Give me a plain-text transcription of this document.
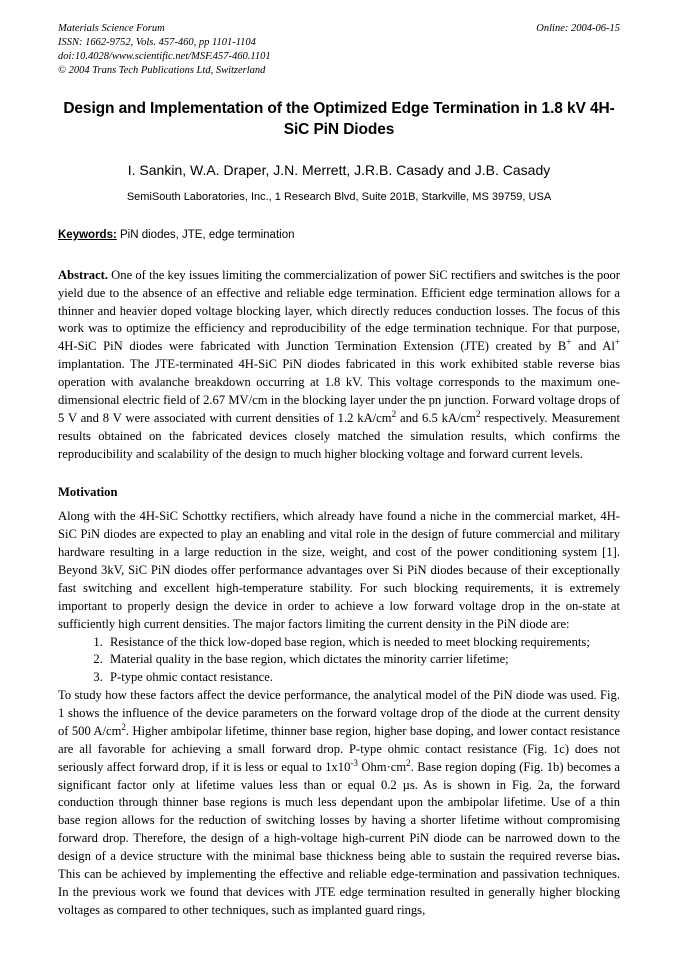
Materials Science Forum
ISSN: 1662-9752, Vols. 457-460, pp 1101-1104
doi:10.4028/www.scientific.net/MSF.457-460.1101
© 2004 Trans Tech Publications Ltd, Switzerland
Online: 2004-06-15
Design and Implementation of the Optimized Edge Termination in 1.8 kV 4H-SiC PiN Diodes
I. Sankin, W.A. Draper, J.N. Merrett, J.R.B. Casady and J.B. Casady
SemiSouth Laboratories, Inc., 1 Research Blvd, Suite 201B, Starkville, MS 39759, USA
Keywords: PiN diodes, JTE, edge termination
Abstract. One of the key issues limiting the commercialization of power SiC rectifiers and switches is the poor yield due to the absence of an effective and reliable edge termination. Efficient edge termination allows for a thinner and heavier doped voltage blocking layer, which directly reduces conduction losses. The focus of this work was to optimize the efficiency and reproducibility of the edge termination technique. For that purpose, 4H-SiC PiN diodes were fabricated with Junction Termination Extension (JTE) created by B+ and Al+ implantation. The JTE-terminated 4H-SiC PiN diodes fabricated in this work exhibited stable reverse bias operation with avalanche breakdown occurring at 1.8 kV. This voltage corresponds to the maximum one-dimensional electric field of 2.67 MV/cm in the blocking layer under the pn junction. Forward voltage drops of 5 V and 8 V were associated with current densities of 1.2 $kA/cm^2$ and 6.5 $kA/cm^2$ respectively. Measurement results obtained on the fabricated devices closely matched the simulation results, which confirms the reproducibility and scalability of the design to much higher blocking voltage and forward current levels.
Motivation
Along with the 4H-SiC Schottky rectifiers, which already have found a niche in the commercial market, 4H-SiC PiN diodes are expected to play an enabling and vital role in the design of future commercial and military hardware resulting in a large reduction in the size, weight, and cost of the power conditioning system [1]. Beyond 3kV, SiC PiN diodes offer performance advantages over Si PiN diodes because of their exceptionally fast switching and excellent high-temperature stability. For such blocking requirements, it is extremely important to properly design the device in order to achieve a low forward voltage drop in the on-state at sufficiently high current densities. The major factors limiting the current density in the PiN diode are:
1. Resistance of the thick low-doped base region, which is needed to meet blocking requirements;
2. Material quality in the base region, which dictates the minority carrier lifetime;
3. P-type ohmic contact resistance.
To study how these factors affect the device performance, the analytical model of the PiN diode was used. Fig. 1 shows the influence of the device parameters on the forward voltage drop of the diode at the current density of 500 $A/cm^2$. Higher ambipolar lifetime, thinner base region, higher base doping, and lower contact resistance are all favorable for achieving a small forward drop. P-type ohmic contact resistance (Fig. 1c) does not seriously affect forward drop, if it is less or equal to $1x10^{-3}$ $Ohm\cdot cm^2$. Base region doping (Fig. 1b) becomes a significant factor only at lifetime values less than or equal 0.2 µs. As is shown in Fig. 2a, the forward conduction through thinner base regions is much less dependant upon the ambipolar lifetime. Use of a thin base region allows for the reduction of switching losses by having a shorter lifetime without compromising forward drop. Therefore, the design of a high-voltage high-current PiN diode can be narrowed down to the design of a device structure with the minimal base thickness being able to sustain the required reverse bias. This can be achieved by implementing the effective and reliable edge-termination and passivation techniques. In the previous work we found that devices with JTE edge termination resulted in generally higher blocking voltages as compared to other techniques, such as implanted guard rings,
